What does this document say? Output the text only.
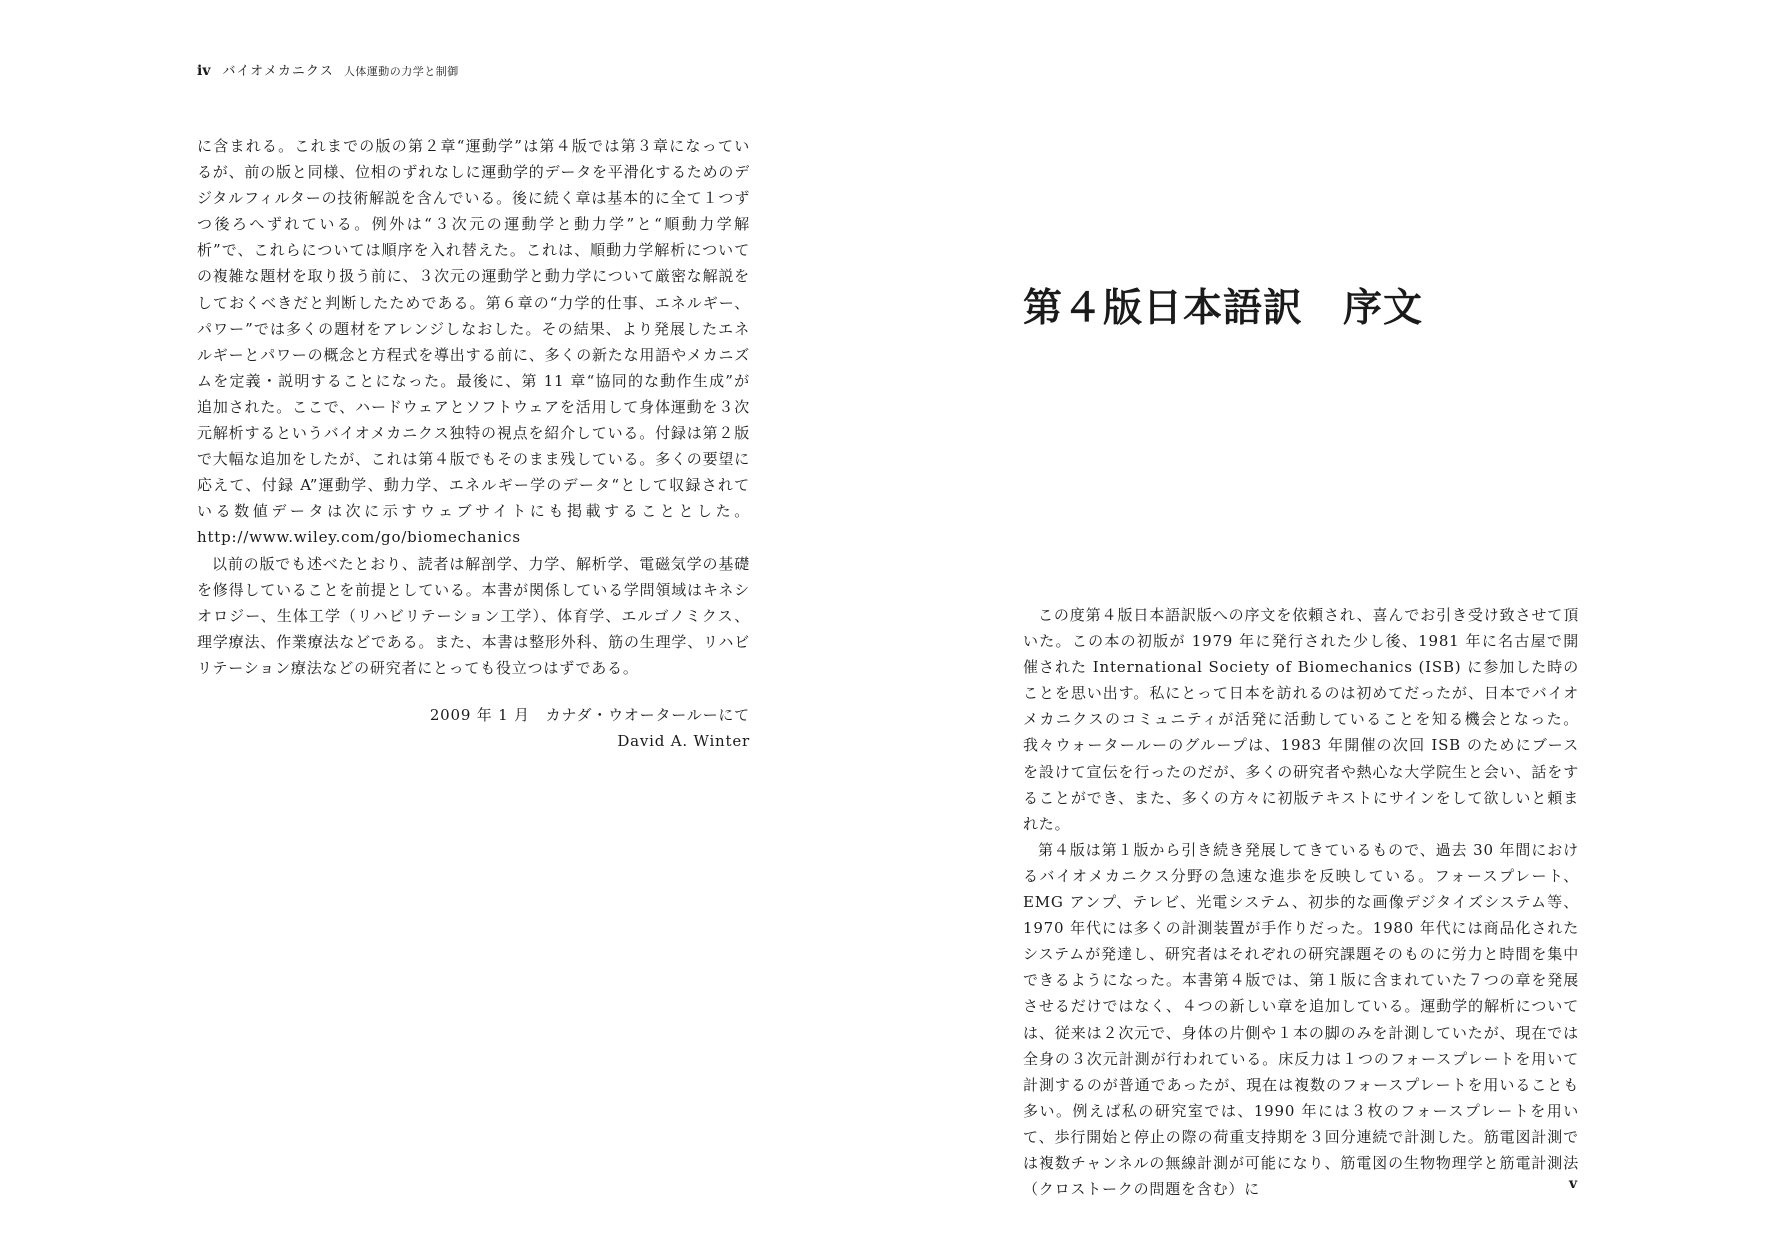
iv バイオメカニクス 人体運動の力学と制御

に含まれる。これまでの版の第２章“運動学”は第４版では第３章になっているが、前の版と同様、位相のずれなしに運動学的データを平滑化するためのデジタルフィルターの技術解説を含んでいる。後に続く章は基本的に全て１つずつ後ろへずれている。例外は“３次元の運動学と動力学”と“順動力学解析”で、これらについては順序を入れ替えた。これは、順動力学解析についての複雑な題材を取り扱う前に、３次元の運動学と動力学について厳密な解説をしておくべきだと判断したためである。第６章の“力学的仕事、エネルギー、パワー”では多くの題材をアレンジしなおした。その結果、より発展したエネルギーとパワーの概念と方程式を導出する前に、多くの新たな用語やメカニズムを定義・説明することになった。最後に、第 11 章“協同的な動作生成”が追加された。ここで、ハードウェアとソフトウェアを活用して身体運動を３次元解析するというバイオメカニクス独特の視点を紹介している。付録は第２版で大幅な追加をしたが、これは第４版でもそのまま残している。多くの要望に応えて、付録 A”運動学、動力学、エネルギー学のデータ“として収録されている数値データは次に示すウェブサイトにも掲載することとした。http://www.wiley.com/go/biomechanics

以前の版でも述べたとおり、読者は解剖学、力学、解析学、電磁気学の基礎を修得していることを前提としている。本書が関係している学問領域はキネシオロジー、生体工学（リハビリテーション工学）、体育学、エルゴノミクス、理学療法、作業療法などである。また、本書は整形外科、筋の生理学、リハビリテーション療法などの研究者にとっても役立つはずである。

2009 年 1 月　カナダ・ウオータールーにて
David A. Winter
第４版日本語訳　序文

この度第４版日本語訳版への序文を依頼され、喜んでお引き受け致させて頂いた。この本の初版が 1979 年に発行された少し後、1981 年に名古屋で開催された International Society of Biomechanics (ISB) に参加した時のことを思い出す。私にとって日本を訪れるのは初めてだったが、日本でバイオメカニクスのコミュニティが活発に活動していることを知る機会となった。我々ウォータールーのグループは、1983 年開催の次回 ISB のためにブースを設けて宣伝を行ったのだが、多くの研究者や熱心な大学院生と会い、話をすることができ、また、多くの方々に初版テキストにサインをして欲しいと頼まれた。

第４版は第１版から引き続き発展してきているもので、過去 30 年間におけるバイオメカニクス分野の急速な進歩を反映している。フォースプレート、EMG アンプ、テレビ、光電システム、初歩的な画像デジタイズシステム等、1970 年代には多くの計測装置が手作りだった。1980 年代には商品化されたシステムが発達し、研究者はそれぞれの研究課題そのものに労力と時間を集中できるようになった。本書第４版では、第１版に含まれていた７つの章を発展させるだけではなく、４つの新しい章を追加している。運動学的解析については、従来は２次元で、身体の片側や１本の脚のみを計測していたが、現在では全身の３次元計測が行われている。床反力は１つのフォースプレートを用いて計測するのが普通であったが、現在は複数のフォースプレートを用いることも多い。例えば私の研究室では、1990 年には３枚のフォースプレートを用いて、歩行開始と停止の際の荷重支持期を３回分連続で計測した。筋電図計測では複数チャンネルの無線計測が可能になり、筋電図の生物物理学と筋電計測法（クロストークの問題を含む）に	v
